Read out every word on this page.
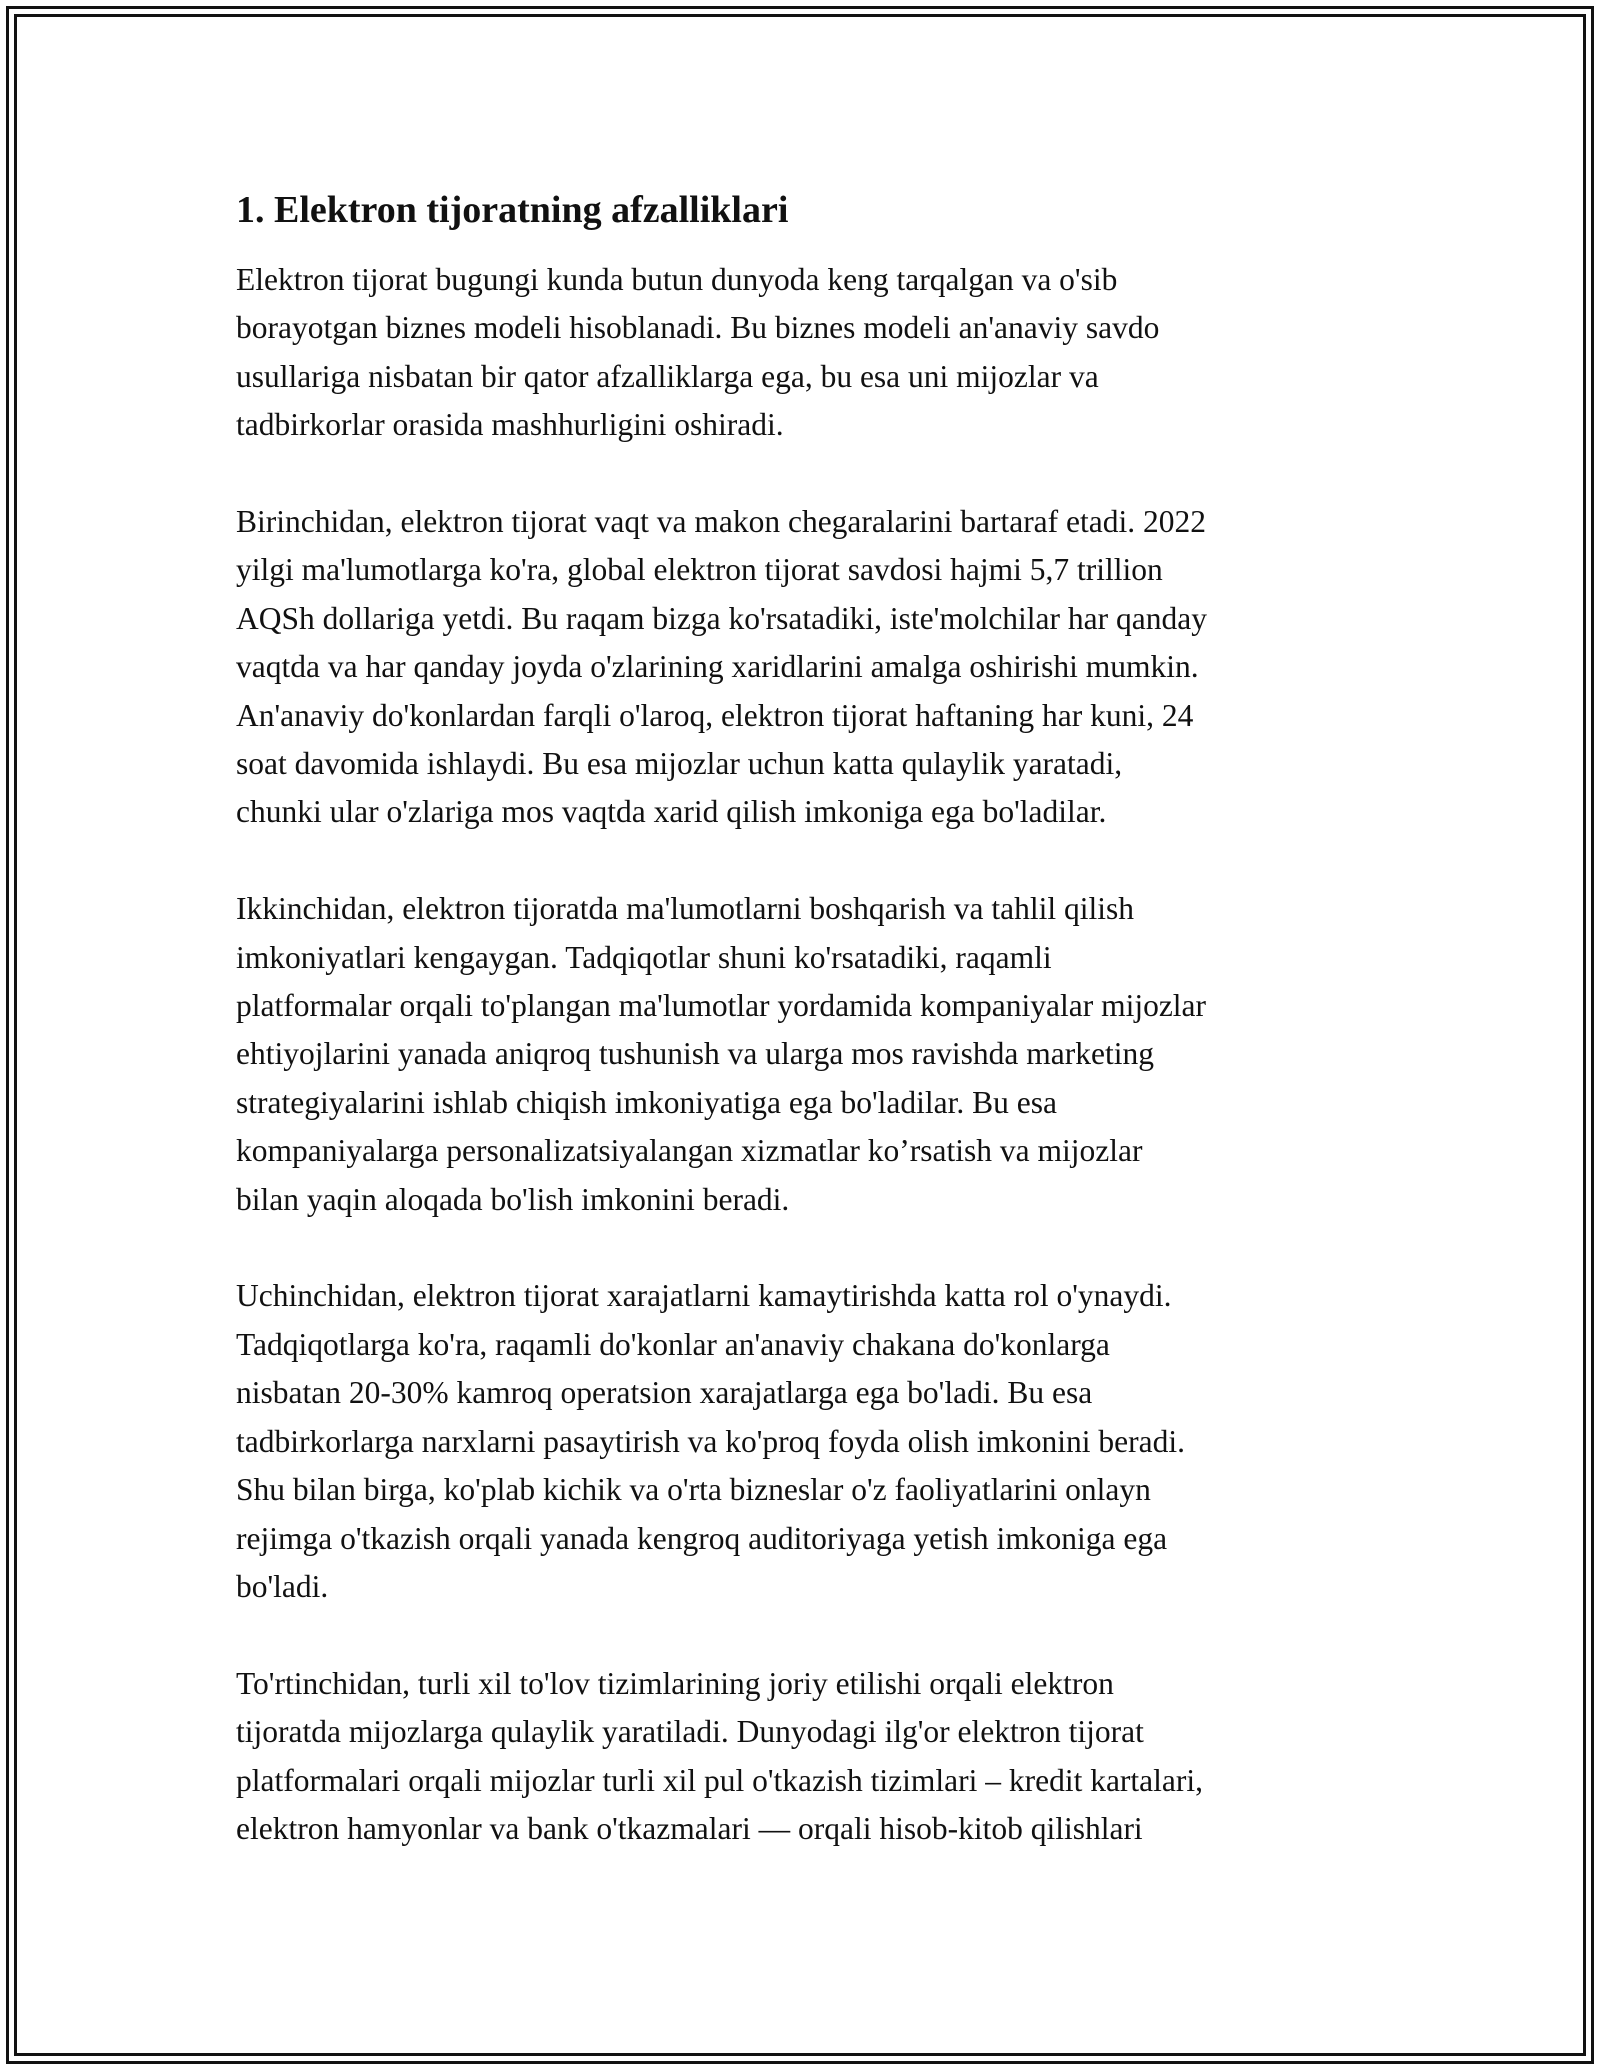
1. Elektron tijoratning afzalliklari
Elektron tijorat bugungi kunda butun dunyoda keng tarqalgan va o'sib
borayotgan biznes modeli hisoblanadi. Bu biznes modeli an'anaviy savdo
usullariga nisbatan bir qator afzalliklarga ega, bu esa uni mijozlar va
tadbirkorlar orasida mashhurligini oshiradi.
Birinchidan, elektron tijorat vaqt va makon chegaralarini bartaraf etadi. 2022
yilgi ma'lumotlarga ko'ra, global elektron tijorat savdosi hajmi 5,7 trillion
AQSh dollariga yetdi. Bu raqam bizga ko'rsatadiki, iste'molchilar har qanday
vaqtda va har qanday joyda o'zlarining xaridlarini amalga oshirishi mumkin.
An'anaviy do'konlardan farqli o'laroq, elektron tijorat haftaning har kuni, 24
soat davomida ishlaydi. Bu esa mijozlar uchun katta qulaylik yaratadi,
chunki ular o'zlariga mos vaqtda xarid qilish imkoniga ega bo'ladilar.
Ikkinchidan, elektron tijoratda ma'lumotlarni boshqarish va tahlil qilish
imkoniyatlari kengaygan. Tadqiqotlar shuni ko'rsatadiki, raqamli
platformalar orqali to'plangan ma'lumotlar yordamida kompaniyalar mijozlar
ehtiyojlarini yanada aniqroq tushunish va ularga mos ravishda marketing
strategiyalarini ishlab chiqish imkoniyatiga ega bo'ladilar. Bu esa
kompaniyalarga personalizatsiyalangan xizmatlar ko’rsatish va mijozlar
bilan yaqin aloqada bo'lish imkonini beradi.
Uchinchidan, elektron tijorat xarajatlarni kamaytirishda katta rol o'ynaydi.
Tadqiqotlarga ko'ra, raqamli do'konlar an'anaviy chakana do'konlarga
nisbatan 20-30% kamroq operatsion xarajatlarga ega bo'ladi. Bu esa
tadbirkorlarga narxlarni pasaytirish va ko'proq foyda olish imkonini beradi.
Shu bilan birga, ko'plab kichik va o'rta bizneslar o'z faoliyatlarini onlayn
rejimga o'tkazish orqali yanada kengroq auditoriyaga yetish imkoniga ega
bo'ladi.
To'rtinchidan, turli xil to'lov tizimlarining joriy etilishi orqali elektron
tijoratda mijozlarga qulaylik yaratiladi. Dunyodagi ilg'or elektron tijorat
platformalari orqali mijozlar turli xil pul o'tkazish tizimlari – kredit kartalari,
elektron hamyonlar va bank o'tkazmalari — orqali hisob-kitob qilishlari
